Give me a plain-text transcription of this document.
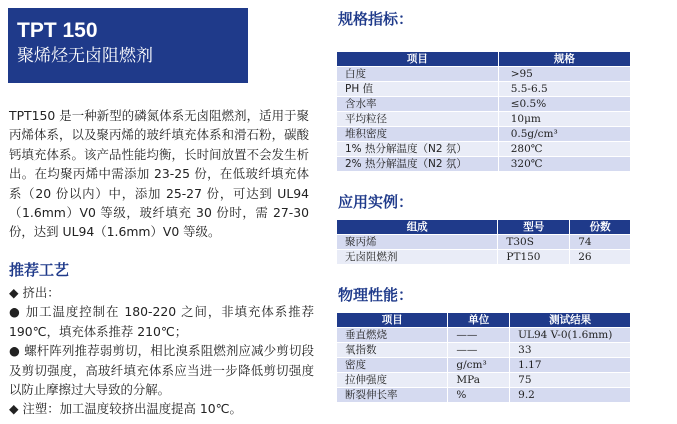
TPT 150
聚烯烃无卤阻燃剂

TPT150 是一种新型的磷氮体系无卤阻燃剂，适用于聚丙烯体系，以及聚丙烯的玻纤填充体系和滑石粉，碳酸钙填充体系。该产品性能均衡，长时间放置不会发生析出。在均聚丙烯中需添加 23-25 份，在低玻纤填充体系（20 份以内）中，添加 25-27 份，可达到 UL94（1.6mm）V0 等级，玻纤填充 30 份时，需 27-30 份，达到 UL94（1.6mm）V0 等级。

推荐工艺
◆ 挤出：
● 加工温度控制在 180-220 之间，非填充体系推荐 190℃，填充体系推荐 210℃；
● 螺杆阵列推荐弱剪切，相比溴系阻燃剂应减少剪切段及剪切强度，高玻纤填充体系应当进一步降低剪切强度以防止摩擦过大导致的分解。
◆ 注塑：加工温度较挤出温度提高 10℃。
规格指标：
项目	规格
白度	>95
PH 值	5.5-6.5
含水率	≤0.5%
平均粒径	10μm
堆积密度	0.5g/cm³
1% 热分解温度（N2 氛）	280℃
2% 热分解温度（N2 氛）	320℃
应用实例：
组成	型号	份数
聚丙烯	T30S	74
无卤阻燃剂	PT150	26
物理性能：
项目	单位	测试结果
垂直燃烧	——	UL94 V-0(1.6mm)
氧指数	——	33
密度	g/cm³	1.17
拉伸强度	MPa	75
断裂伸长率	%	9.2
